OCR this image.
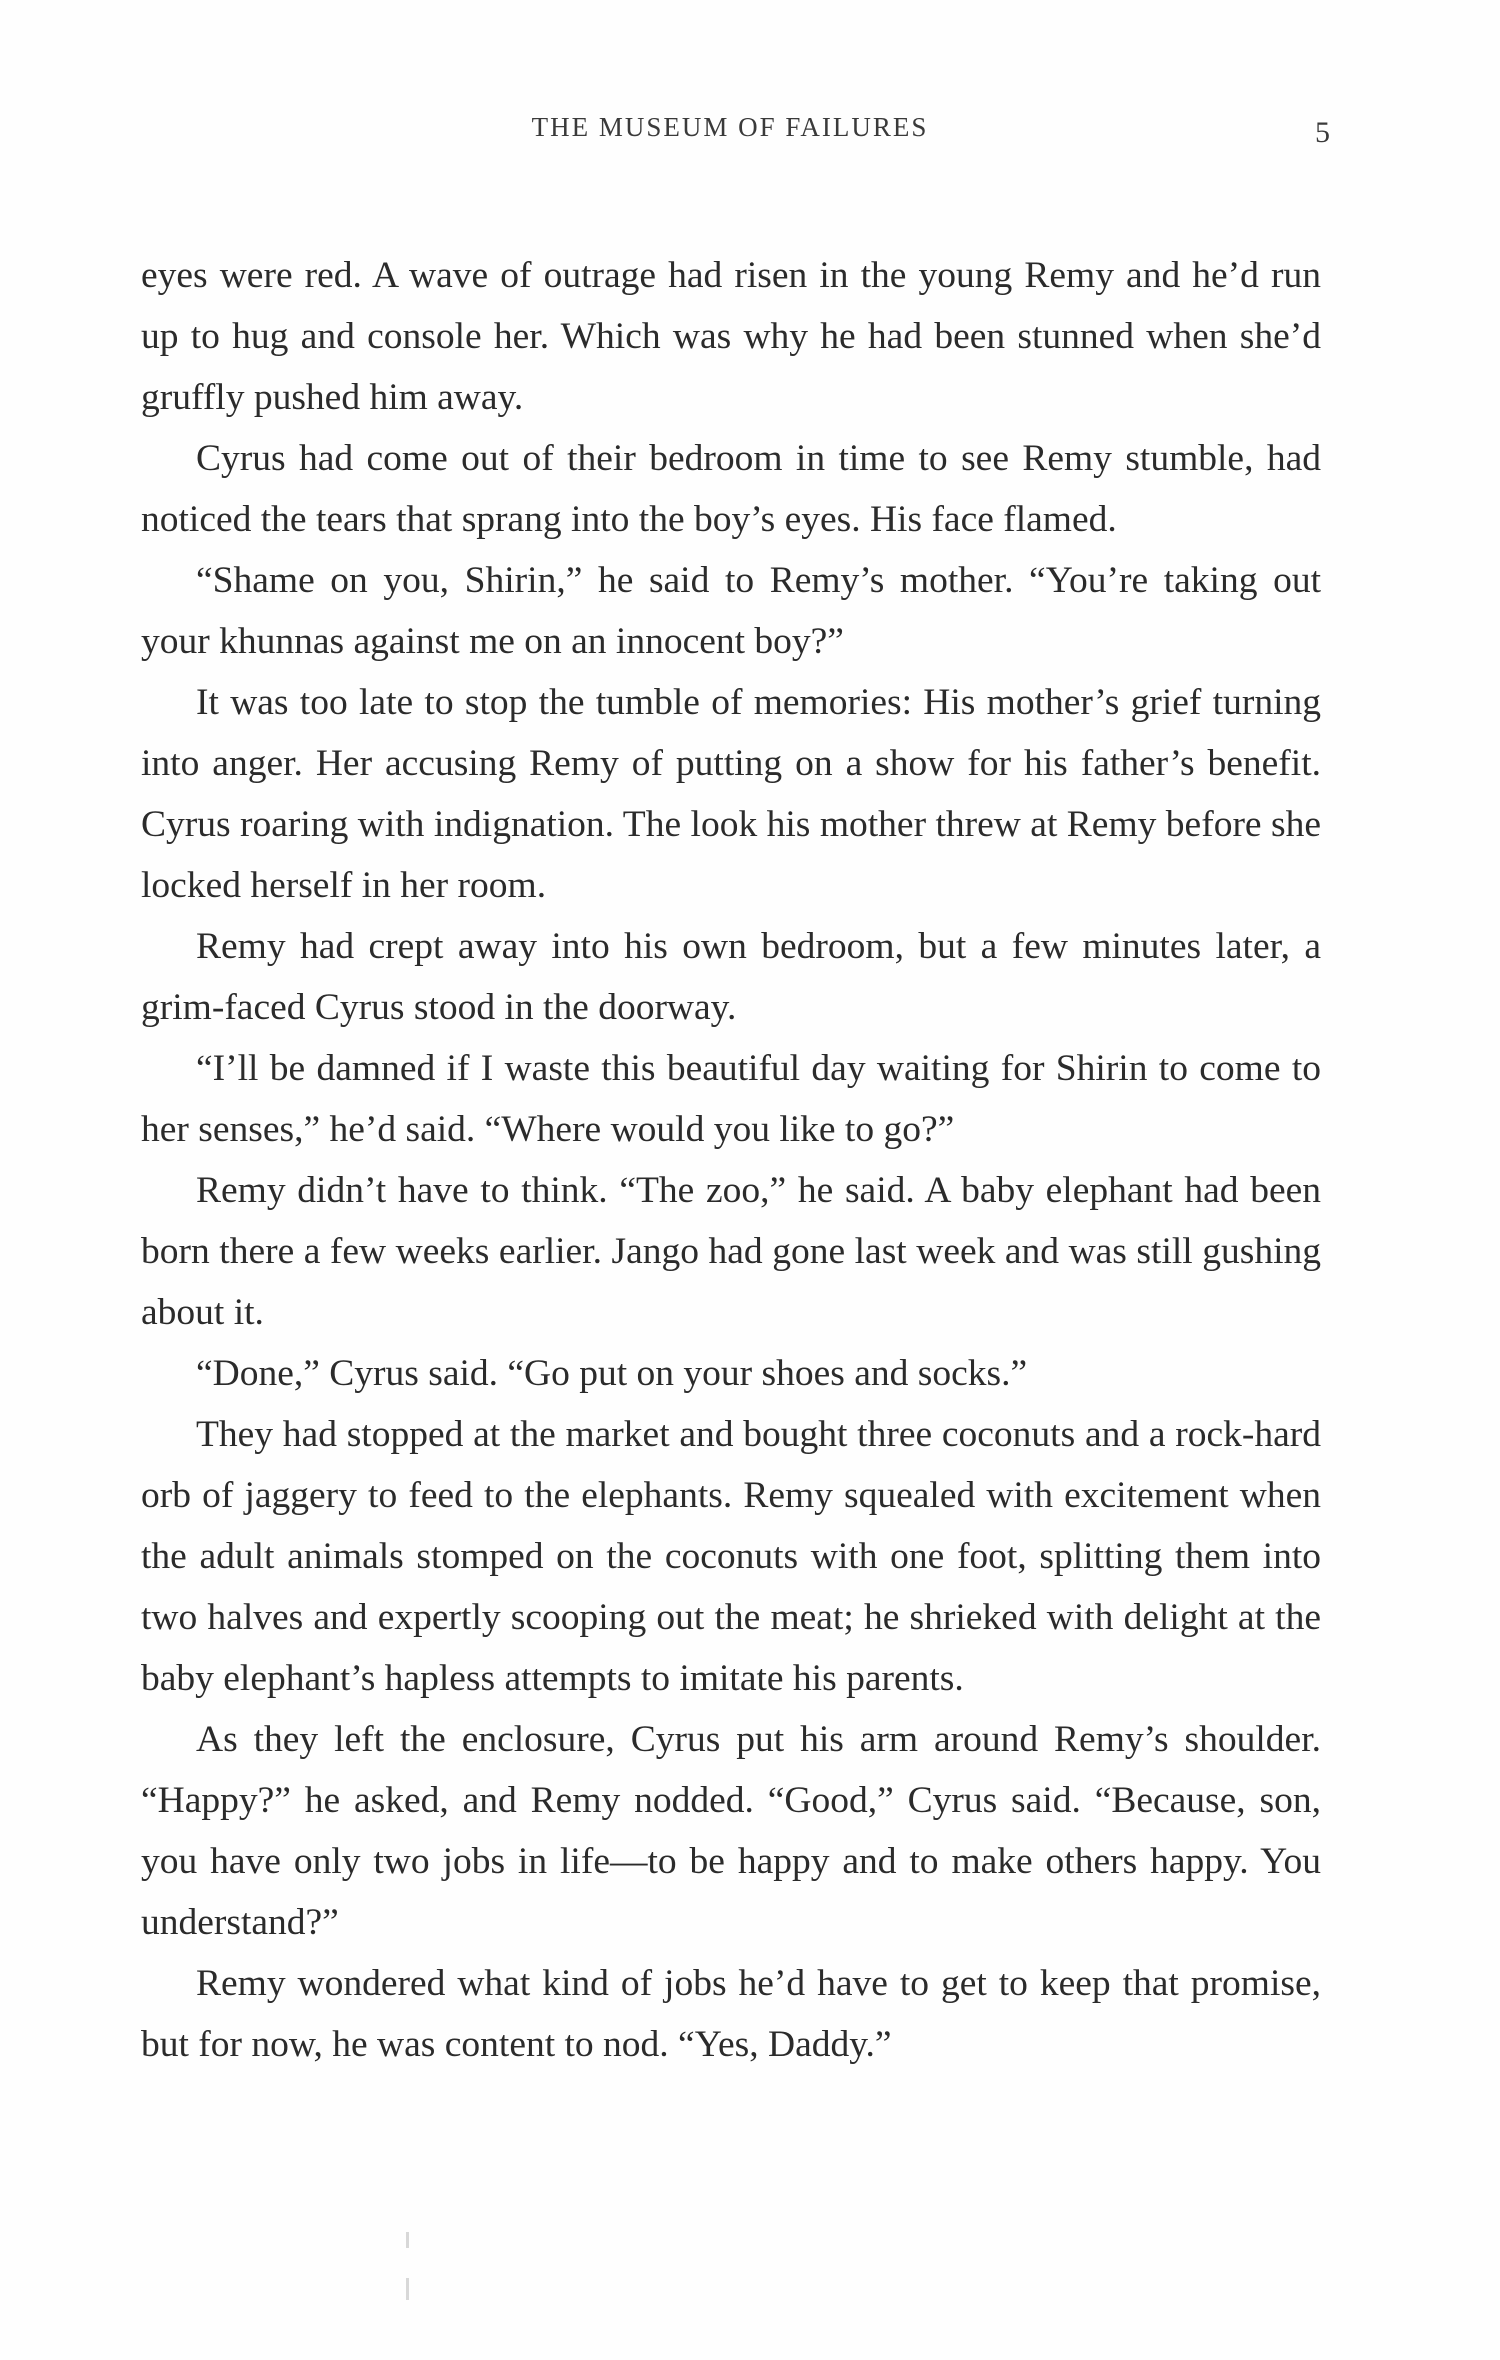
THE MUSEUM OF FAILURES	5

eyes were red. A wave of outrage had risen in the young Remy and he’d run up to hug and console her. Which was why he had been stunned when she’d gruffly pushed him away.

Cyrus had come out of their bedroom in time to see Remy stumble, had noticed the tears that sprang into the boy’s eyes. His face flamed.

“Shame on you, Shirin,” he said to Remy’s mother. “You’re taking out your khunnas against me on an innocent boy?”

It was too late to stop the tumble of memories: His mother’s grief turning into anger. Her accusing Remy of putting on a show for his father’s benefit. Cyrus roaring with indignation. The look his mother threw at Remy before she locked herself in her room.

Remy had crept away into his own bedroom, but a few minutes later, a grim-faced Cyrus stood in the doorway.

“I’ll be damned if I waste this beautiful day waiting for Shirin to come to her senses,” he’d said. “Where would you like to go?”

Remy didn’t have to think. “The zoo,” he said. A baby elephant had been born there a few weeks earlier. Jango had gone last week and was still gushing about it.

“Done,” Cyrus said. “Go put on your shoes and socks.”

They had stopped at the market and bought three coconuts and a rock-hard orb of jaggery to feed to the elephants. Remy squealed with excitement when the adult animals stomped on the coconuts with one foot, splitting them into two halves and expertly scooping out the meat; he shrieked with delight at the baby elephant’s hapless attempts to imitate his parents.

As they left the enclosure, Cyrus put his arm around Remy’s shoulder. “Happy?” he asked, and Remy nodded. “Good,” Cyrus said. “Because, son, you have only two jobs in life—to be happy and to make others happy. You understand?”

Remy wondered what kind of jobs he’d have to get to keep that promise, but for now, he was content to nod. “Yes, Daddy.”
